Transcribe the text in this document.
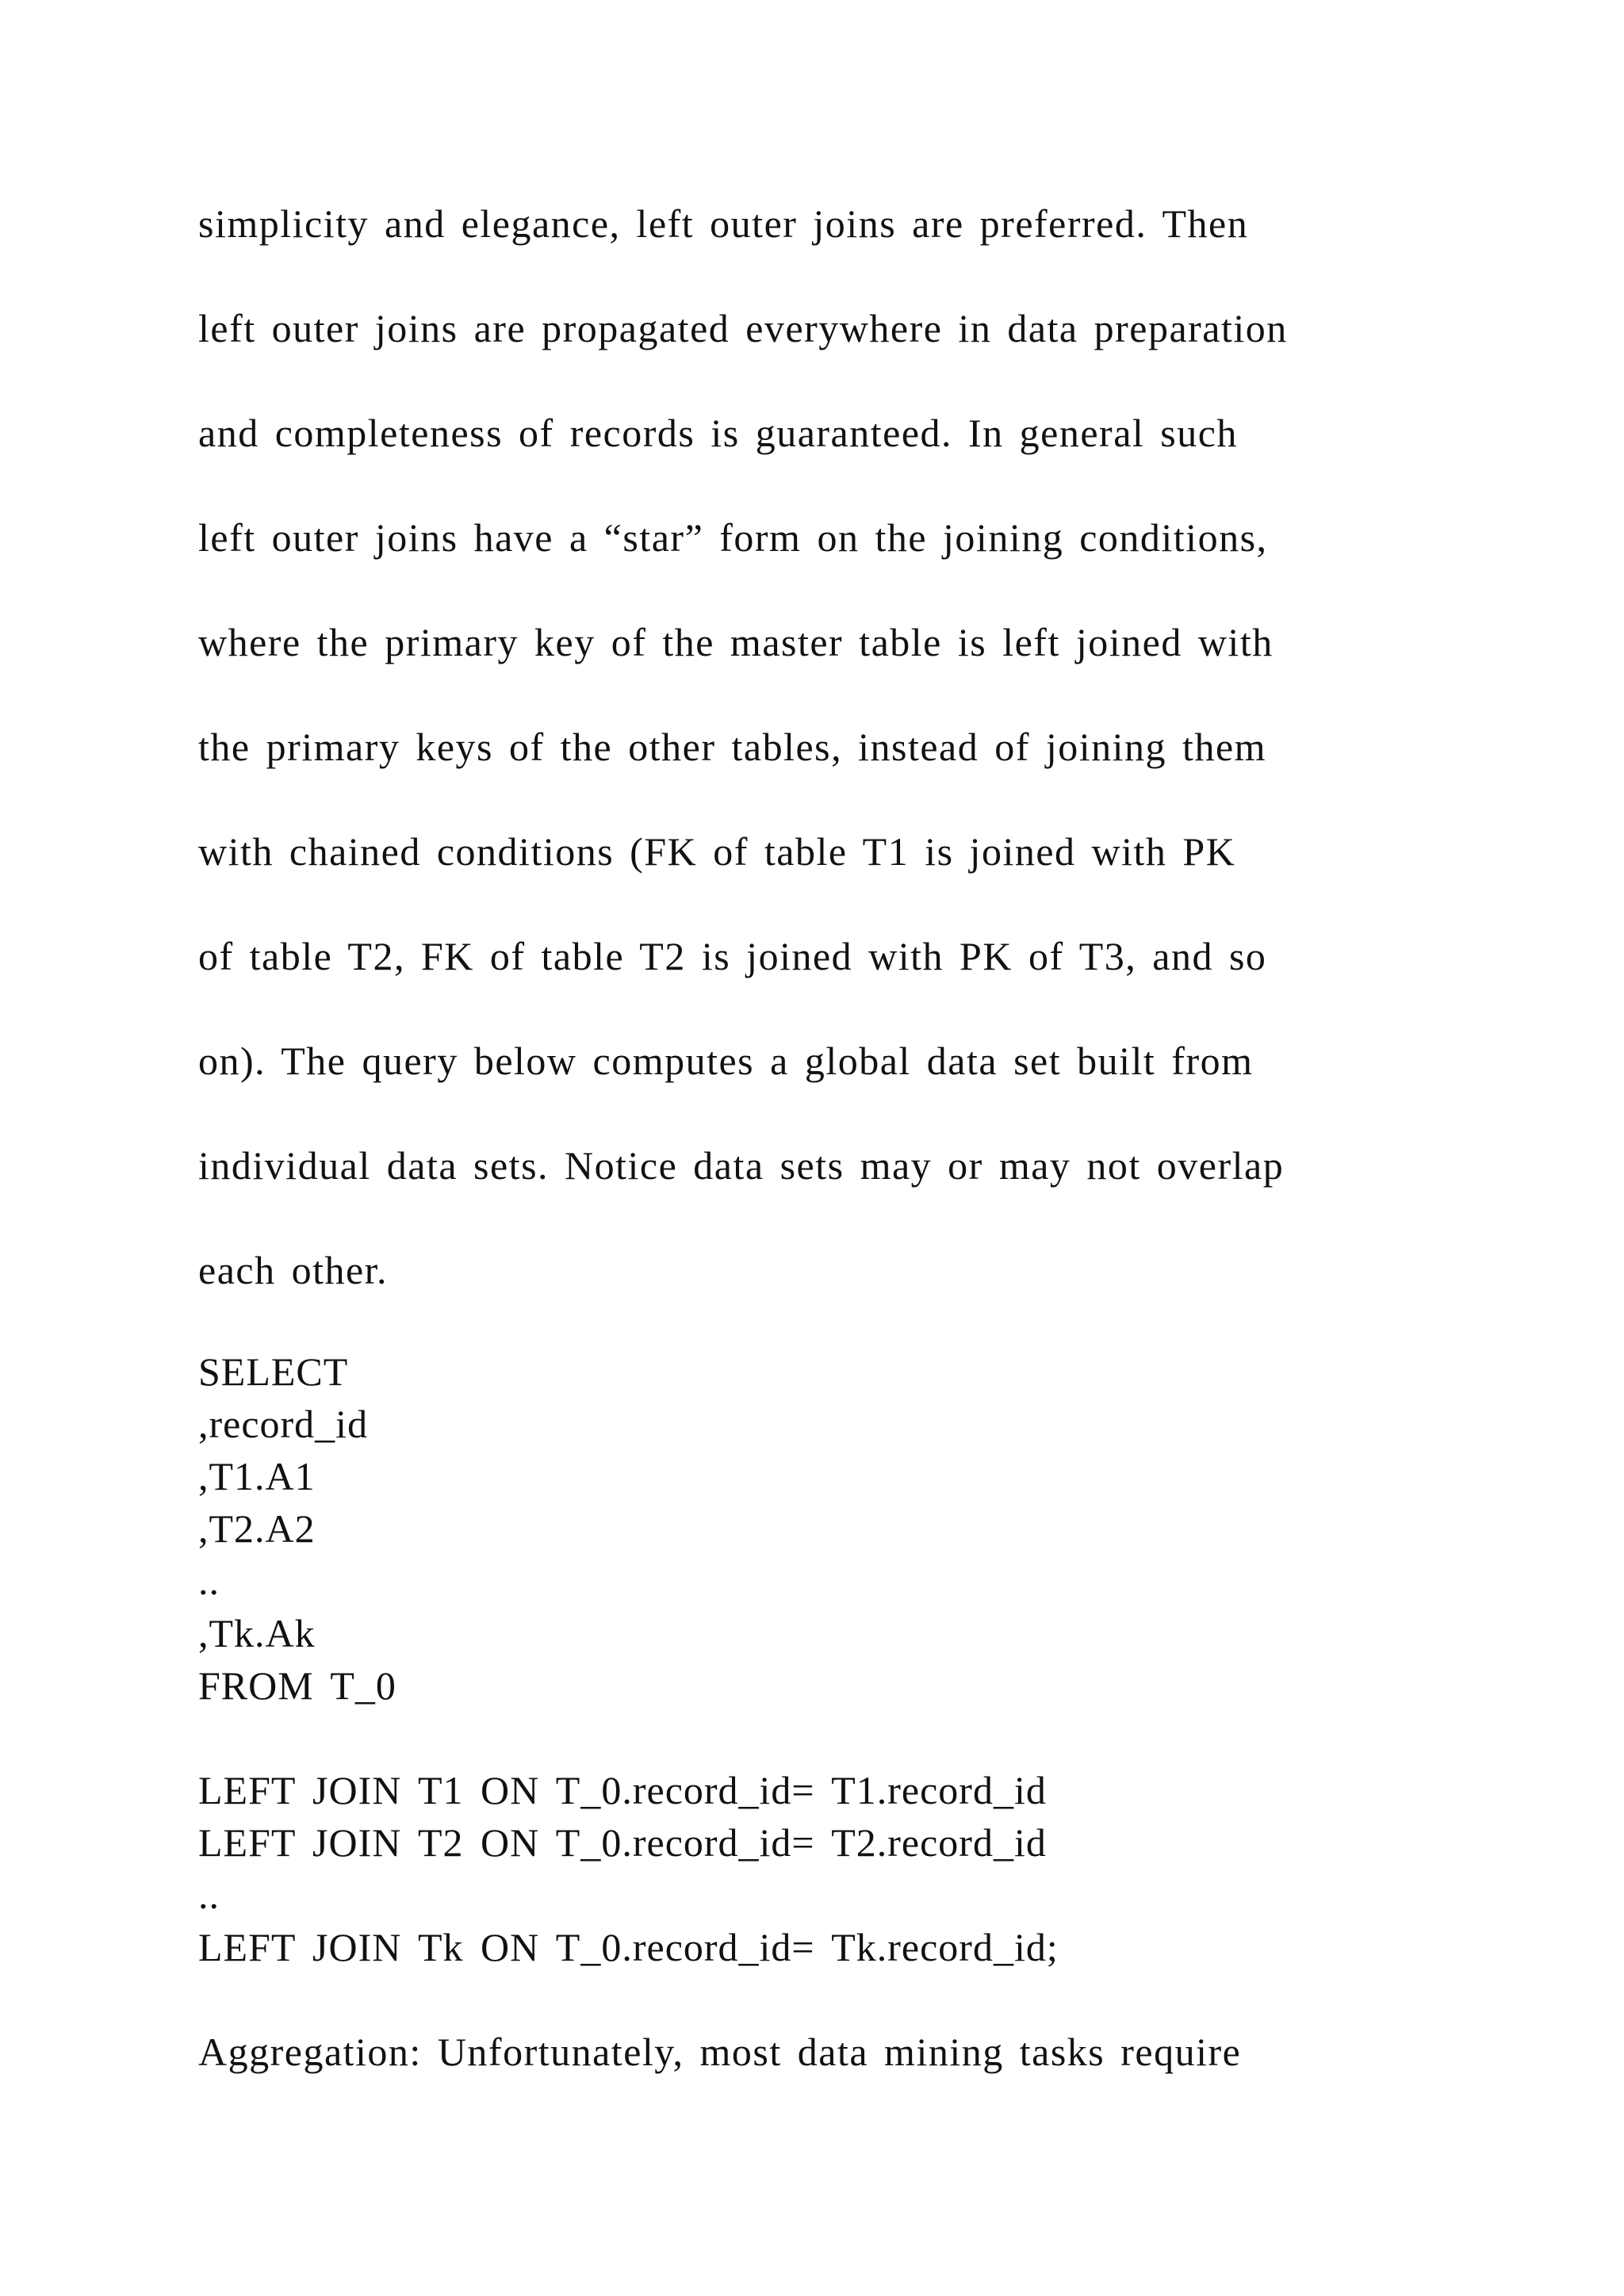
simplicity and elegance, left outer joins are preferred. Then
left outer joins are propagated everywhere in data preparation
and completeness of records is guaranteed. In general such
left outer joins have a “star” form on the joining conditions,
where the primary key of the master table is left joined with
the primary keys of the other tables, instead of joining them
with chained conditions (FK of table T1 is joined with PK
of table T2, FK of table T2 is joined with PK of T3, and so
on). The query below computes a global data set built from
individual data sets. Notice data sets may or may not overlap
each other.
SELECT
,record_id
,T1.A1
,T2.A2
..
,Tk.Ak
FROM T_0
LEFT JOIN T1 ON T_0.record_id= T1.record_id
LEFT JOIN T2 ON T_0.record_id= T2.record_id
..
LEFT JOIN Tk ON T_0.record_id= Tk.record_id;
Aggregation: Unfortunately, most data mining tasks require
